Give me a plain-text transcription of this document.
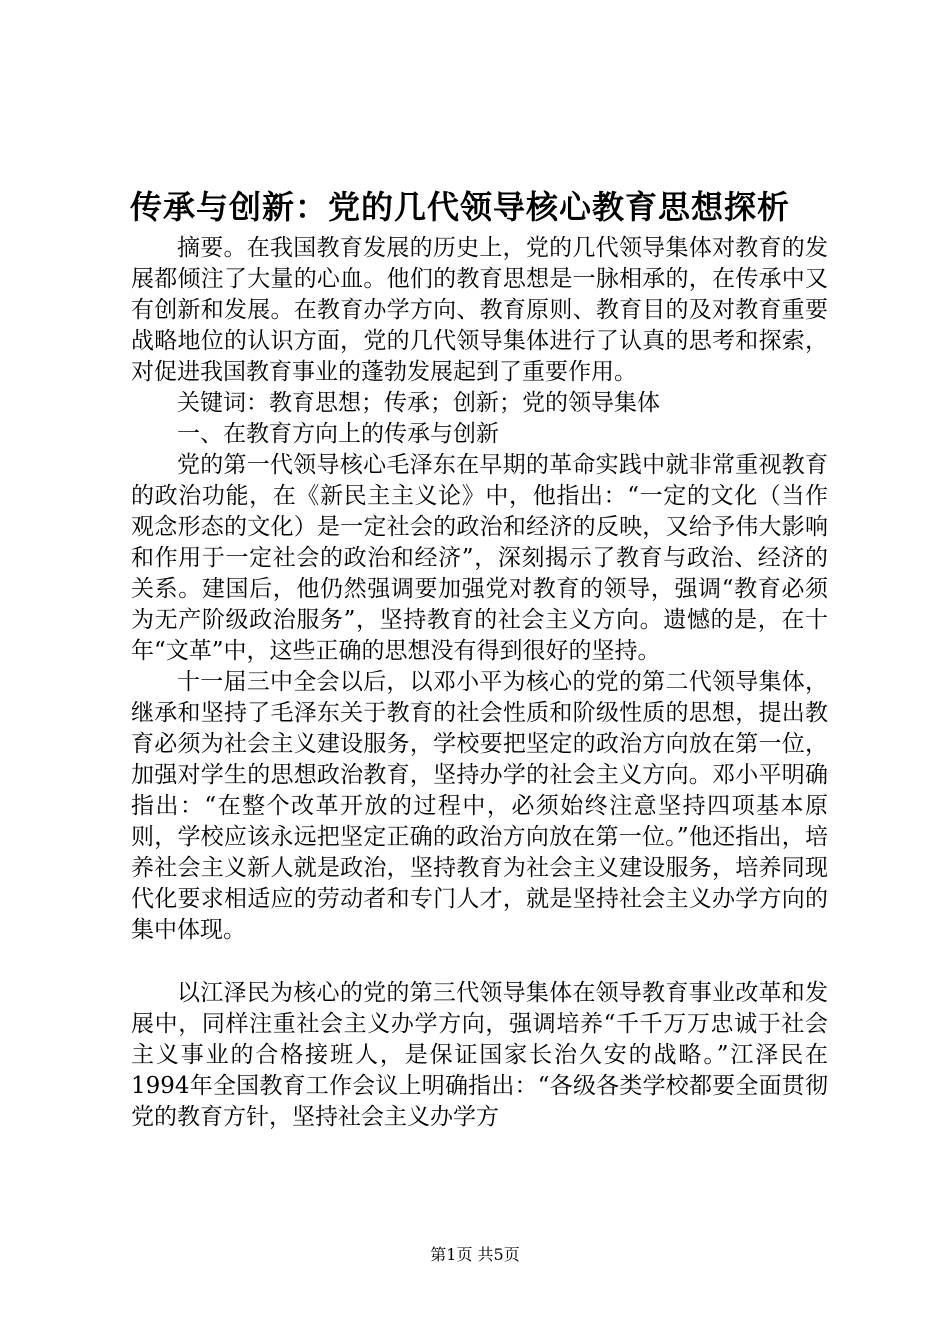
传承与创新：党的几代领导核心教育思想探析

摘要。在我国教育发展的历史上，党的几代领导集体对教育的发展都倾注了大量的心血。他们的教育思想是一脉相承的，在传承中又有创新和发展。在教育办学方向、教育原则、教育目的及对教育重要战略地位的认识方面，党的几代领导集体进行了认真的思考和探索，对促进我国教育事业的蓬勃发展起到了重要作用。

关键词：教育思想；传承；创新；党的领导集体

一、在教育方向上的传承与创新

党的第一代领导核心毛泽东在早期的革命实践中就非常重视教育的政治功能，在《新民主主义论》中，他指出：“一定的文化（当作观念形态的文化）是一定社会的政治和经济的反映，又给予伟大影响和作用于一定社会的政治和经济”，深刻揭示了教育与政治、经济的关系。建国后，他仍然强调要加强党对教育的领导，强调“教育必须为无产阶级政治服务”，坚持教育的社会主义方向。遗憾的是，在十年“文革”中，这些正确的思想没有得到很好的坚持。

十一届三中全会以后，以邓小平为核心的党的第二代领导集体，继承和坚持了毛泽东关于教育的社会性质和阶级性质的思想，提出教育必须为社会主义建设服务，学校要把坚定的政治方向放在第一位，加强对学生的思想政治教育，坚持办学的社会主义方向。邓小平明确指出：“在整个改革开放的过程中，必须始终注意坚持四项基本原则，学校应该永远把坚定正确的政治方向放在第一位。”他还指出，培养社会主义新人就是政治，坚持教育为社会主义建设服务，培养同现代化要求相适应的劳动者和专门人才，就是坚持社会主义办学方向的集中体现。

以江泽民为核心的党的第三代领导集体在领导教育事业改革和发展中，同样注重社会主义办学方向，强调培养“千千万万忠诚于社会主义事业的合格接班人，是保证国家长治久安的战略。”江泽民在1994年全国教育工作会议上明确指出：“各级各类学校都要全面贯彻党的教育方针，坚持社会主义办学方

第1页 共5页
